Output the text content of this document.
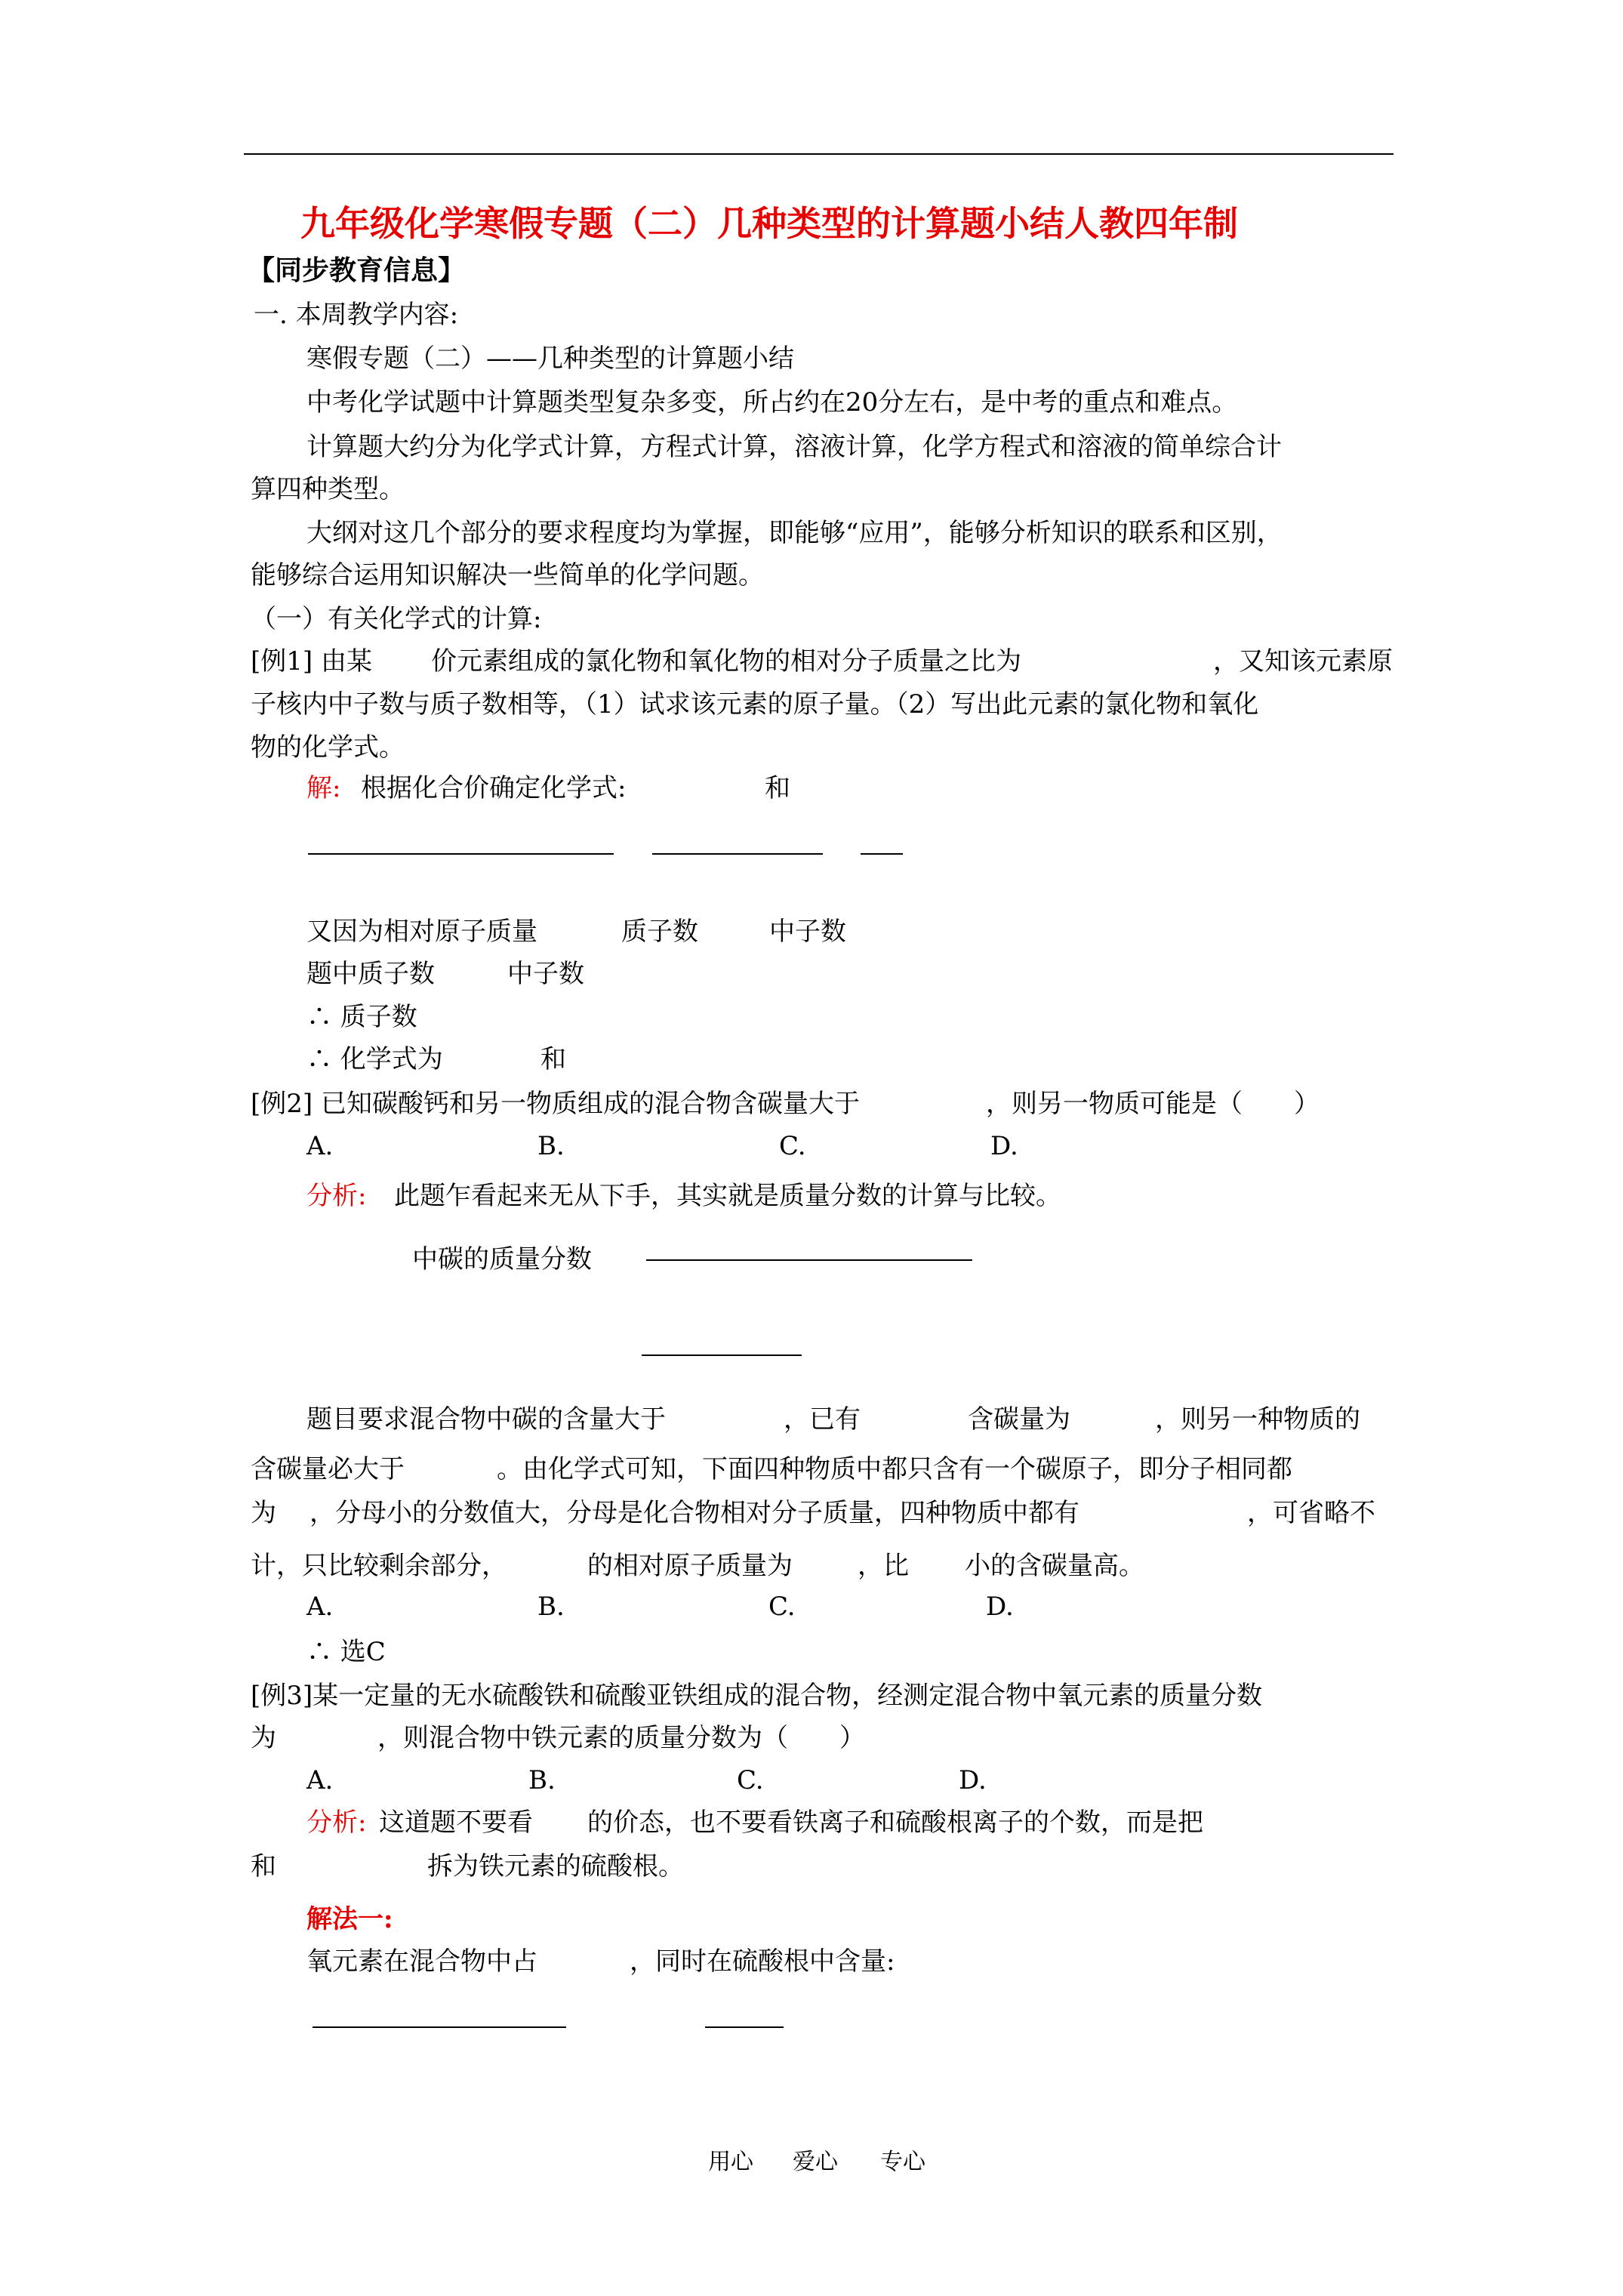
九年级化学寒假专题（二）几种类型的计算题小结人教四年制
【同步教育信息】
一. 本周教学内容:
寒假专题（二）——几种类型的计算题小结
中考化学试题中计算题类型复杂多变，所占约在20分左右，是中考的重点和难点。
计算题大约分为化学式计算，方程式计算，溶液计算，化学方程式和溶液的简单综合计
算四种类型。
大纲对这几个部分的要求程度均为掌握，即能够“应用”，能够分析知识的联系和区别，
能够综合运用知识解决一些简单的化学问题。
（一）有关化学式的计算:
[例1] 由某 价元素组成的氯化物和氧化物的相对分子质量之比为	，又知该元素原
子核内中子数与质子数相等，（1）试求该元素的原子量。（2）写出此元素的氯化物和氧化
物的化学式。
解: 根据化合价确定化学式:	和
又因为相对原子质量	质子数	中子数
题中质子数	中子数
∴ 质子数
∴ 化学式为	和
[例2] 已知碳酸钙和另一物质组成的混合物含碳量大于	，则另一物质可能是（　　）
A.	B.	C.	D.
分析: 此题乍看起来无从下手，其实就是质量分数的计算与比较。
中碳的质量分数
题目要求混合物中碳的含量大于	，已有	含碳量为	，则另一种物质的
含碳量必大于	。由化学式可知，下面四种物质中都只含有一个碳原子，即分子相同都
为 ，分母小的分数值大，分母是化合物相对分子质量，四种物质中都有	，可省略不
计，只比较剩余部分，	的相对原子质量为	，比 小的含碳量高。
A.	B.	C.	D.
∴ 选C
[例3]某一定量的无水硫酸铁和硫酸亚铁组成的混合物，经测定混合物中氧元素的质量分数
为	，则混合物中铁元素的质量分数为（　　）
A.	B.	C.	D.
分析: 这道题不要看 的价态，也不要看铁离子和硫酸根离子的个数，而是把
和	拆为铁元素的硫酸根。
解法一:
氧元素在混合物中占	，同时在硫酸根中含量:
用心 爱心 专心
